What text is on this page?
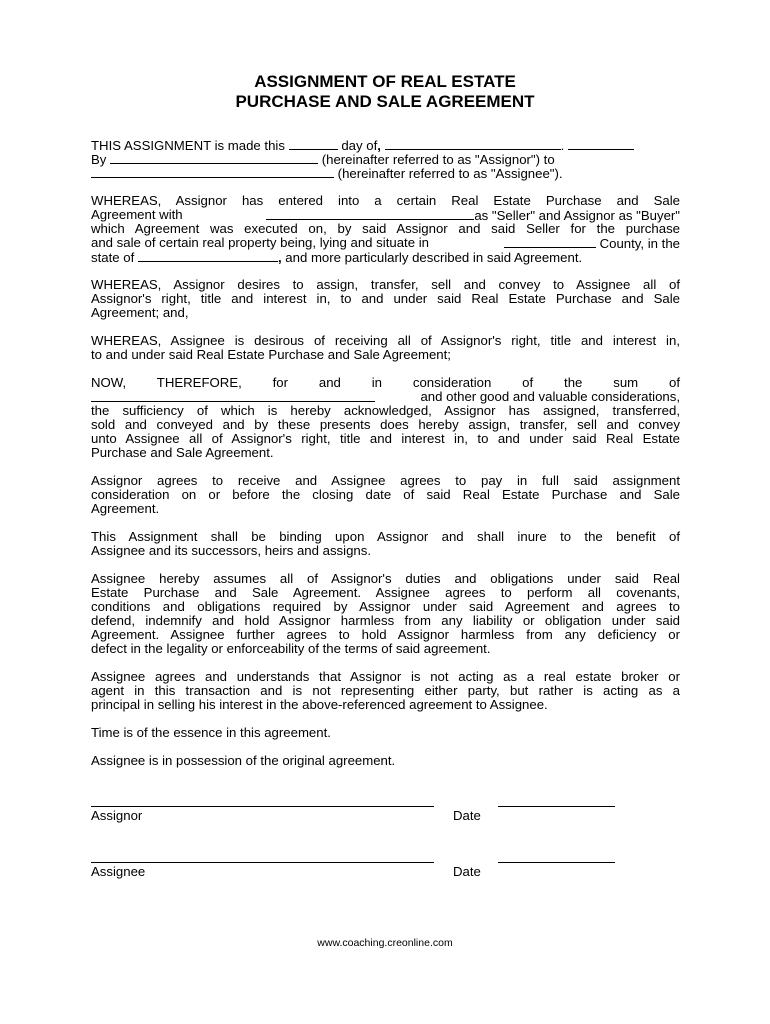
ASSIGNMENT OF REAL ESTATE
PURCHASE AND SALE AGREEMENT
THIS ASSIGNMENT is made this	day of,	.
By	(hereinafter referred to as "Assignor") to
(hereinafter referred to as "Assignee").
WHEREAS, Assignor has entered into a certain Real Estate Purchase and Sale
Agreement with	as "Seller" and Assignor as "Buyer"
which Agreement was executed on, by said Assignor and said Seller for the purchase
and sale of certain real property being, lying and situate in	County, in the
state of	, and more particularly described in said Agreement.
WHEREAS, Assignor desires to assign, transfer, sell and convey to Assignee all of
Assignor's right, title and interest in, to and under said Real Estate Purchase and Sale
Agreement; and,
WHEREAS, Assignee is desirous of receiving all of Assignor's right, title and interest in,
to and under said Real Estate Purchase and Sale Agreement;
NOW, THEREFORE, for and in consideration of the sum of
and other good and valuable considerations,
the sufficiency of which is hereby acknowledged, Assignor has assigned, transferred,
sold and conveyed and by these presents does hereby assign, transfer, sell and convey
unto Assignee all of Assignor's right, title and interest in, to and under said Real Estate
Purchase and Sale Agreement.
Assignor agrees to receive and Assignee agrees to pay in full said assignment
consideration on or before the closing date of said Real Estate Purchase and Sale
Agreement.
This Assignment shall be binding upon Assignor and shall inure to the benefit of
Assignee and its successors, heirs and assigns.
Assignee hereby assumes all of Assignor's duties and obligations under said Real
Estate Purchase and Sale Agreement. Assignee agrees to perform all covenants,
conditions and obligations required by Assignor under said Agreement and agrees to
defend, indemnify and hold Assignor harmless from any liability or obligation under said
Agreement. Assignee further agrees to hold Assignor harmless from any deficiency or
defect in the legality or enforceability of the terms of said agreement.
Assignee agrees and understands that Assignor is not acting as a real estate broker or
agent in this transaction and is not representing either party, but rather is acting as a
principal in selling his interest in the above-referenced agreement to Assignee.
Time is of the essence in this agreement.
Assignee is in possession of the original agreement.
Assignor	Date
Assignee	Date
www.coaching.creonline.com
